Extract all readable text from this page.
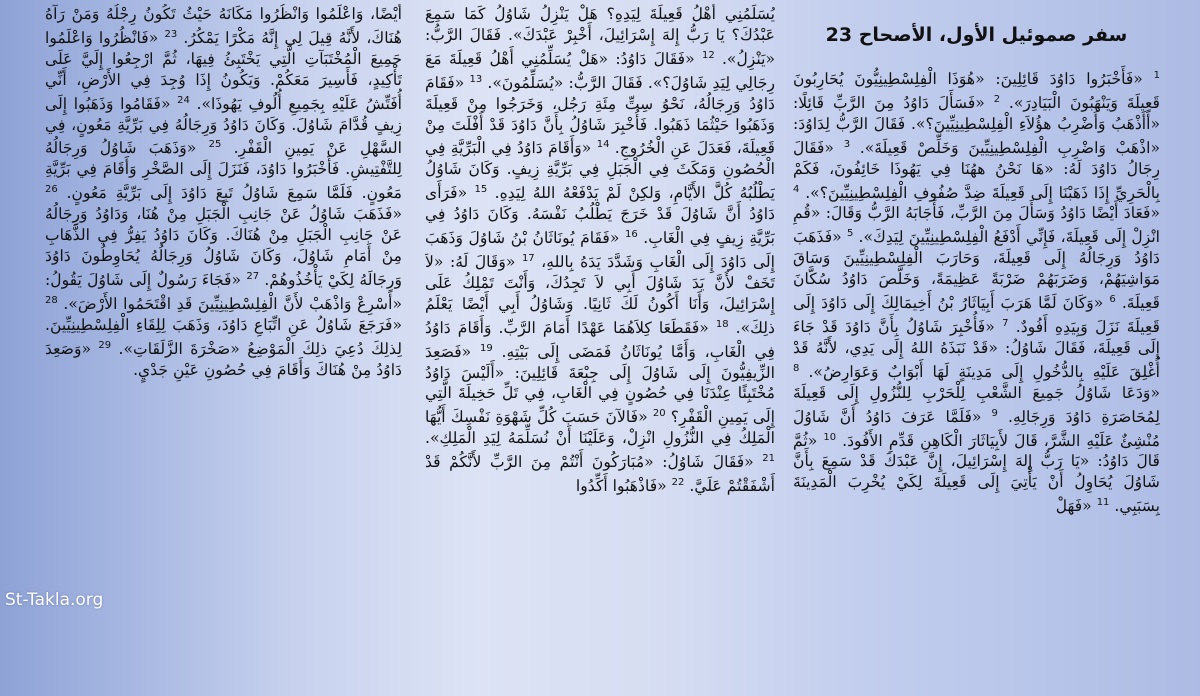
سفر صموئيل الأول، الأصحاح 23
$^1$ «فَأَخْبَرُوا دَاوُدَ قَائِلِينَ: «هُوَذَا الْفِلِسْطِينِيُّونَ يُحَارِبُونَ قَعِيلَةَ وَيَنْهَبُونَ الْبَيَادِرَ». $^2$ «فَسَأَلَ دَاوُدُ مِنَ الرَّبِّ قَائِلًا: «أَأَذْهَبُ وَأَضْرِبُ هؤُلاَءِ الْفِلِسْطِينِيِّينَ؟». فَقَالَ الرَّبُّ لِدَاوُدَ: «اذْهَبْ وَاضْرِبِ الْفِلِسْطِينِيِّينَ وَخَلِّصْ قَعِيلَةَ». $^3$ «فَقَالَ رِجَالُ دَاوُدَ لَهُ: «هَا نَحْنُ ههُنَا فِي يَهُوذَا خَائِفُونَ، فَكَمْ بِالْحَرِيِّ إِذَا ذَهَبْنَا إِلَى قَعِيلَةَ ضِدَّ صُفُوفِ الْفِلِسْطِينِيِّينَ؟». $^4$ «فَعَادَ أَيْضًا دَاوُدُ وَسَأَلَ مِنَ الرَّبِّ، فَأَجَابَهُ الرَّبُّ وَقَالَ: «قُمِ انْزِلْ إِلَى قَعِيلَةَ، فَإِنِّي أَدْفَعُ الْفِلِسْطِينِيِّينَ لِيَدِكَ». $^5$ «فَذَهَبَ دَاوُدُ وَرِجَالُهُ إِلَى قَعِيلَةَ، وَحَارَبَ الْفِلِسْطِينِيِّينَ وَسَاقَ مَوَاشِيَهُمْ، وَضَرَبَهُمْ ضَرْبَةً عَظِيمَةً، وَخَلَّصَ دَاوُدُ سُكَّانَ قَعِيلَةَ. $^6$ «وَكَانَ لَمَّا هَرَبَ أَبِيَاثَارُ بْنُ أَخِيمَالِكَ إِلَى دَاوُدَ إِلَى قَعِيلَةَ نَزَلَ وَبِيَدِهِ أَفُودٌ. $^7$ «فَأُخْبِرَ شَاوُلُ بِأَنَّ دَاوُدَ قَدْ جَاءَ إِلَى قَعِيلَةَ، فَقَالَ شَاوُلُ: «قَدْ نَبَذَهُ اللهُ إِلَى يَدِي، لأَنَّهُ قَدْ أُغْلِقَ عَلَيْهِ بِالدُّخُولِ إِلَى مَدِينَةٍ لَهَا أَبْوَابٌ وَعَوَارِضُ». $^8$ «وَدَعَا شَاوُلُ جَمِيعَ الشَّعْبِ لِلْحَرْبِ لِلنُّزُولِ إِلَى قَعِيلَةَ لِمُحَاصَرَةِ دَاوُدَ وَرِجَالِهِ. $^9$ «فَلَمَّا عَرَفَ دَاوُدُ أَنَّ شَاوُلَ مُنْشِئٌ عَلَيْهِ الشَّرَّ، قَالَ لأَبِيَاثَارَ الْكَاهِنِ قَدِّمِ الأَفُودَ. $^{10}$ «ثُمَّ قَالَ دَاوُدُ: «يَا رَبُّ إِلهَ إِسْرَائِيلَ، إِنَّ عَبْدَكَ قَدْ سَمِعَ بِأَنَّ شَاوُلَ يُحَاوِلُ أَنْ يَأْتِيَ إِلَى قَعِيلَةَ لِكَيْ يُخْرِبَ الْمَدِينَةَ بِسَبَبِي. $^{11}$ «فَهَلْ
يُسَلِّمُنِي أَهْلُ قَعِيلَةَ لِيَدِهِ؟ هَلْ يَنْزِلُ شَاوُلُ كَمَا سَمِعَ عَبْدُكَ؟ يَا رَبُّ إِلهَ إِسْرَائِيلَ، أَخْبِرْ عَبْدَكَ». فَقَالَ الرَّبُّ: «يَنْزِلُ». $^{12}$ «فَقَالَ دَاوُدُ: «هَلْ يُسَلِّمُنِي أَهْلُ قَعِيلَةَ مَعَ رِجَالِي لِيَدِ شَاوُلَ؟». فَقَالَ الرَّبُّ: «يُسَلِّمُونَ». $^{13}$ «فَقَامَ دَاوُدُ وَرِجَالُهُ، نَحْوُ سِتِّ مِئَةِ رَجُل، وَخَرَجُوا مِنْ قَعِيلَةَ وَذَهَبُوا حَيْثُمَا ذَهَبُوا. فَأُخْبِرَ شَاوُلُ بِأَنَّ دَاوُدَ قَدْ أَفْلَتَ مِنْ قَعِيلَةَ، فَعَدَلَ عَنِ الْخُرُوجِ. $^{14}$ «وَأَقَامَ دَاوُدُ فِي الْبَرِّيَّةِ فِي الْحُصُونِ وَمَكَثَ فِي الْجَبَلِ فِي بَرِّيَّةِ زِيفٍ. وَكَانَ شَاوُلُ يَطْلُبُهُ كُلَّ الأَيَّامِ، وَلكِنْ لَمْ يَدْفَعْهُ اللهُ لِيَدِهِ. $^{15}$ «فَرَأَى دَاوُدُ أَنَّ شَاوُلَ قَدْ خَرَجَ يَطْلُبُ نَفْسَهُ. وَكَانَ دَاوُدُ فِي بَرِّيَّةِ زِيفٍ فِي الْغَابِ. $^{16}$ «فَقَامَ يُونَاثَانُ بْنُ شَاوُلَ وَذَهَبَ إِلَى دَاوُدَ إِلَى الْغَابِ وَشَدَّدَ يَدَهُ بِاللهِ، $^{17}$ «وَقَالَ لَهُ: «لاَ تَخَفْ لأَنَّ يَدَ شَاوُلَ أَبِي لاَ تَجِدُكَ، وَأَنْتَ تَمْلِكُ عَلَى إِسْرَائِيلَ، وَأَنَا أَكُونُ لَكَ ثَانِيًا. وَشَاوُلُ أَبِي أَيْضًا يَعْلَمُ ذلِكَ». $^{18}$ «فَقَطَعَا كِلاَهُمَا عَهْدًا أَمَامَ الرَّبِّ. وَأَقَامَ دَاوُدُ فِي الْغَابِ، وَأَمَّا يُونَاثَانُ فَمَضَى إِلَى بَيْتِهِ. $^{19}$ «فَصَعِدَ الزِّيفِيُّونَ إِلَى شَاوُلَ إِلَى جِبْعَةَ قَائِلِينَ: «أَلَيْسَ دَاوُدُ مُخْتَبِئًا عِنْدَنَا فِي حُصُونٍ فِي الْغَابِ، فِي تَلِّ حَخِيلَةَ الَّتِي إِلَى يَمِينِ الْقَفْرِ؟ $^{20}$ «فَالآنَ حَسَبَ كُلِّ شَهْوَةِ نَفْسِكَ أَيُّهَا الْمَلِكُ فِي النُّزُولِ انْزِلْ، وَعَلَيْنَا أَنْ نُسَلِّمَهُ لِيَدِ الْمَلِكِ». $^{21}$ «فَقَالَ شَاوُلُ: «مُبَارَكُونَ أَنْتُمْ مِنَ الرَّبِّ لأَنَّكُمْ قَدْ أَشْفَقْتُمْ عَلَيَّ. $^{22}$ «فَاذْهَبُوا أَكِّدُوا
أَيْضًا، وَاعْلَمُوا وَانْظُرُوا مَكَانَهُ حَيْثُ تَكُونُ رِجْلُهُ وَمَنْ رَآهُ هُنَاكَ، لأَنَّهُ قِيلَ لِي إِنَّهُ مَكْرًا يَمْكُرُ. $^{23}$ «فَانْظُرُوا وَاعْلَمُوا جَمِيعَ الْمُخْتَبَآتِ الَّتِي يَخْتَبِئُ فِيهَا، ثُمَّ ارْجِعُوا إِلَيَّ عَلَى تَأْكِيدٍ، فَأَسِيرَ مَعَكُمْ. وَيَكُونُ إِذَا وُجِدَ فِي الأَرْضِ، أَنِّي أُفَتِّشُ عَلَيْهِ بِجَمِيعِ أُلُوفِ يَهُوذَا». $^{24}$ «فَقَامُوا وَذَهَبُوا إِلَى زِيفٍ قُدَّامَ شَاوُلَ. وَكَانَ دَاوُدُ وَرِجَالُهُ فِي بَرِّيَّةِ مَعُونٍ، فِي السَّهْلِ عَنْ يَمِينِ الْقَفْرِ. $^{25}$ «وَذَهَبَ شَاوُلُ وَرِجَالُهُ لِلتَّفْتِيشِ. فَأَخْبَرُوا دَاوُدَ، فَنَزَلَ إِلَى الصَّخْرِ وَأَقَامَ فِي بَرِّيَّةِ مَعُونٍ. فَلَمَّا سَمِعَ شَاوُلُ تَبِعَ دَاوُدَ إِلَى بَرِّيَّةِ مَعُونٍ. $^{26}$ «فَذَهَبَ شَاوُلُ عَنْ جَانِبِ الْجَبَلِ مِنْ هُنَا، وَدَاوُدُ وَرِجَالُهُ عَنْ جَانِبِ الْجَبَلِ مِنْ هُنَاكَ. وَكَانَ دَاوُدُ يَفِرُّ فِي الذَّهَابِ مِنْ أَمَامِ شَاوُلَ، وَكَانَ شَاوُلُ وَرِجَالُهُ يُحَاوِطُونَ دَاوُدَ وَرِجَالَهُ لِكَيْ يَأْخُذُوهُمْ. $^{27}$ «فَجَاءَ رَسُولٌ إِلَى شَاوُلَ يَقُولُ: «أَسْرِعْ وَاذْهَبْ لأَنَّ الْفِلِسْطِينِيِّينَ قَدِ اقْتَحَمُوا الأَرْضَ». $^{28}$ «فَرَجَعَ شَاوُلُ عَنِ اتِّبَاعِ دَاوُدَ، وَذَهَبَ لِلِقَاءِ الْفِلِسْطِينِيِّينَ. لِذلِكَ دُعِيَ ذلِكَ الْمَوْضِعُ «صَخْرَةَ الزَّلَقَاتِ». $^{29}$ «وَصَعِدَ دَاوُدُ مِنْ هُنَاكَ وَأَقَامَ فِي حُصُونِ عَيْنِ جَدْيٍ.
St-Takla.org
